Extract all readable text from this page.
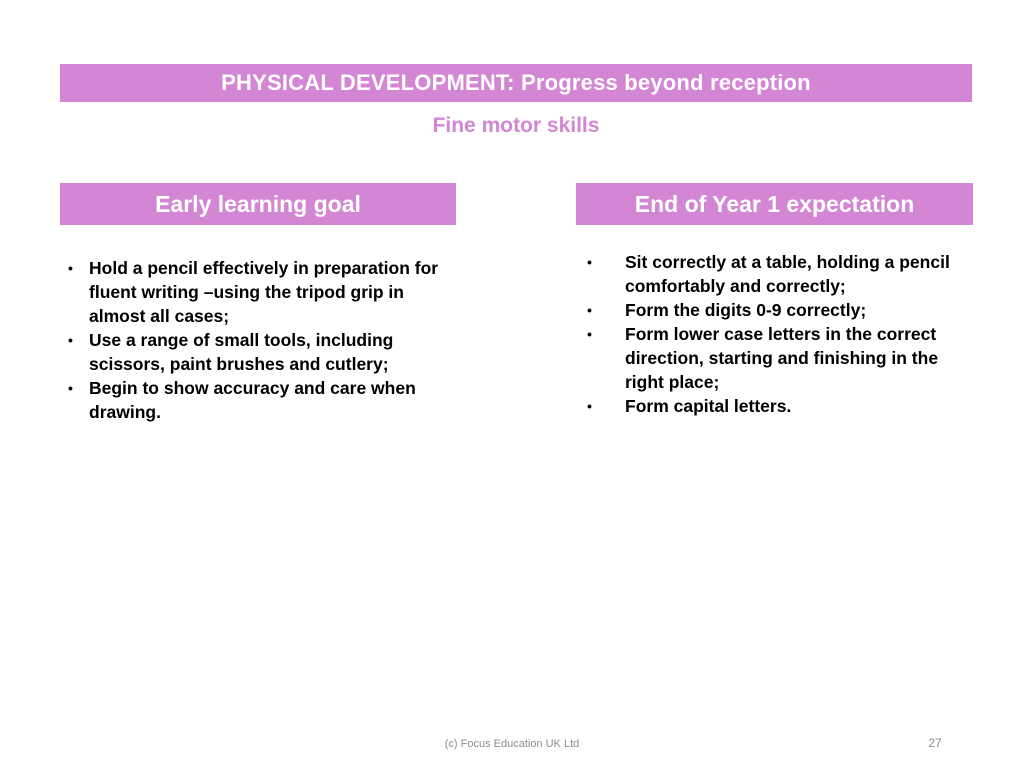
PHYSICAL DEVELOPMENT: Progress beyond reception
Fine motor skills
Early learning goal	End of Year 1 expectation
• Hold a pencil effectively in preparation for fluent writing –using the tripod grip in almost all cases;
• Use a range of small tools, including scissors, paint brushes and cutlery;
• Begin to show accuracy and care when drawing.
• Sit correctly at a table, holding a pencil comfortably and correctly;
• Form the digits 0-9 correctly;
• Form lower case letters in the correct direction, starting and finishing in the right place;
• Form capital letters.
(c) Focus Education UK Ltd	27
